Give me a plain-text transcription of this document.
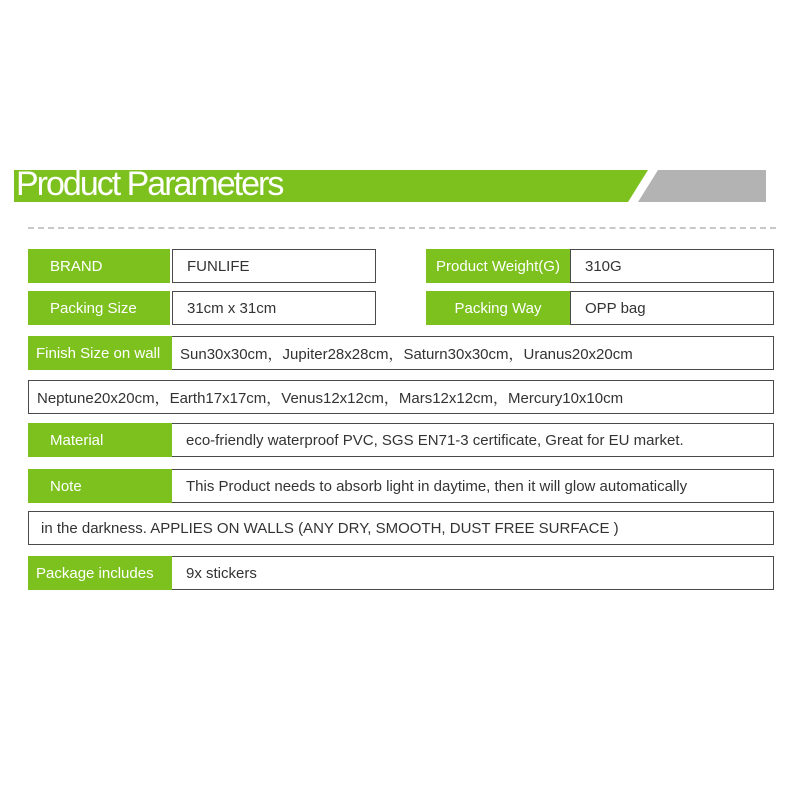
Product Parameters
BRAND	FUNLIFE	Product Weight(G)	310G
Packing Size	31cm x 31cm	Packing Way	OPP bag
Finish Size on wall	Sun30x30cm，Jupiter28x28cm，Saturn30x30cm，Uranus20x20cm
Neptune20x20cm，Earth17x17cm，Venus12x12cm，Mars12x12cm，Mercury10x10cm
Material	eco-friendly waterproof PVC, SGS EN71-3 certificate, Great for EU market.
Note	This Product needs to absorb light in daytime, then it will glow automatically
in the darkness. APPLIES ON WALLS (ANY DRY, SMOOTH, DUST FREE SURFACE )
Package includes	9x stickers
